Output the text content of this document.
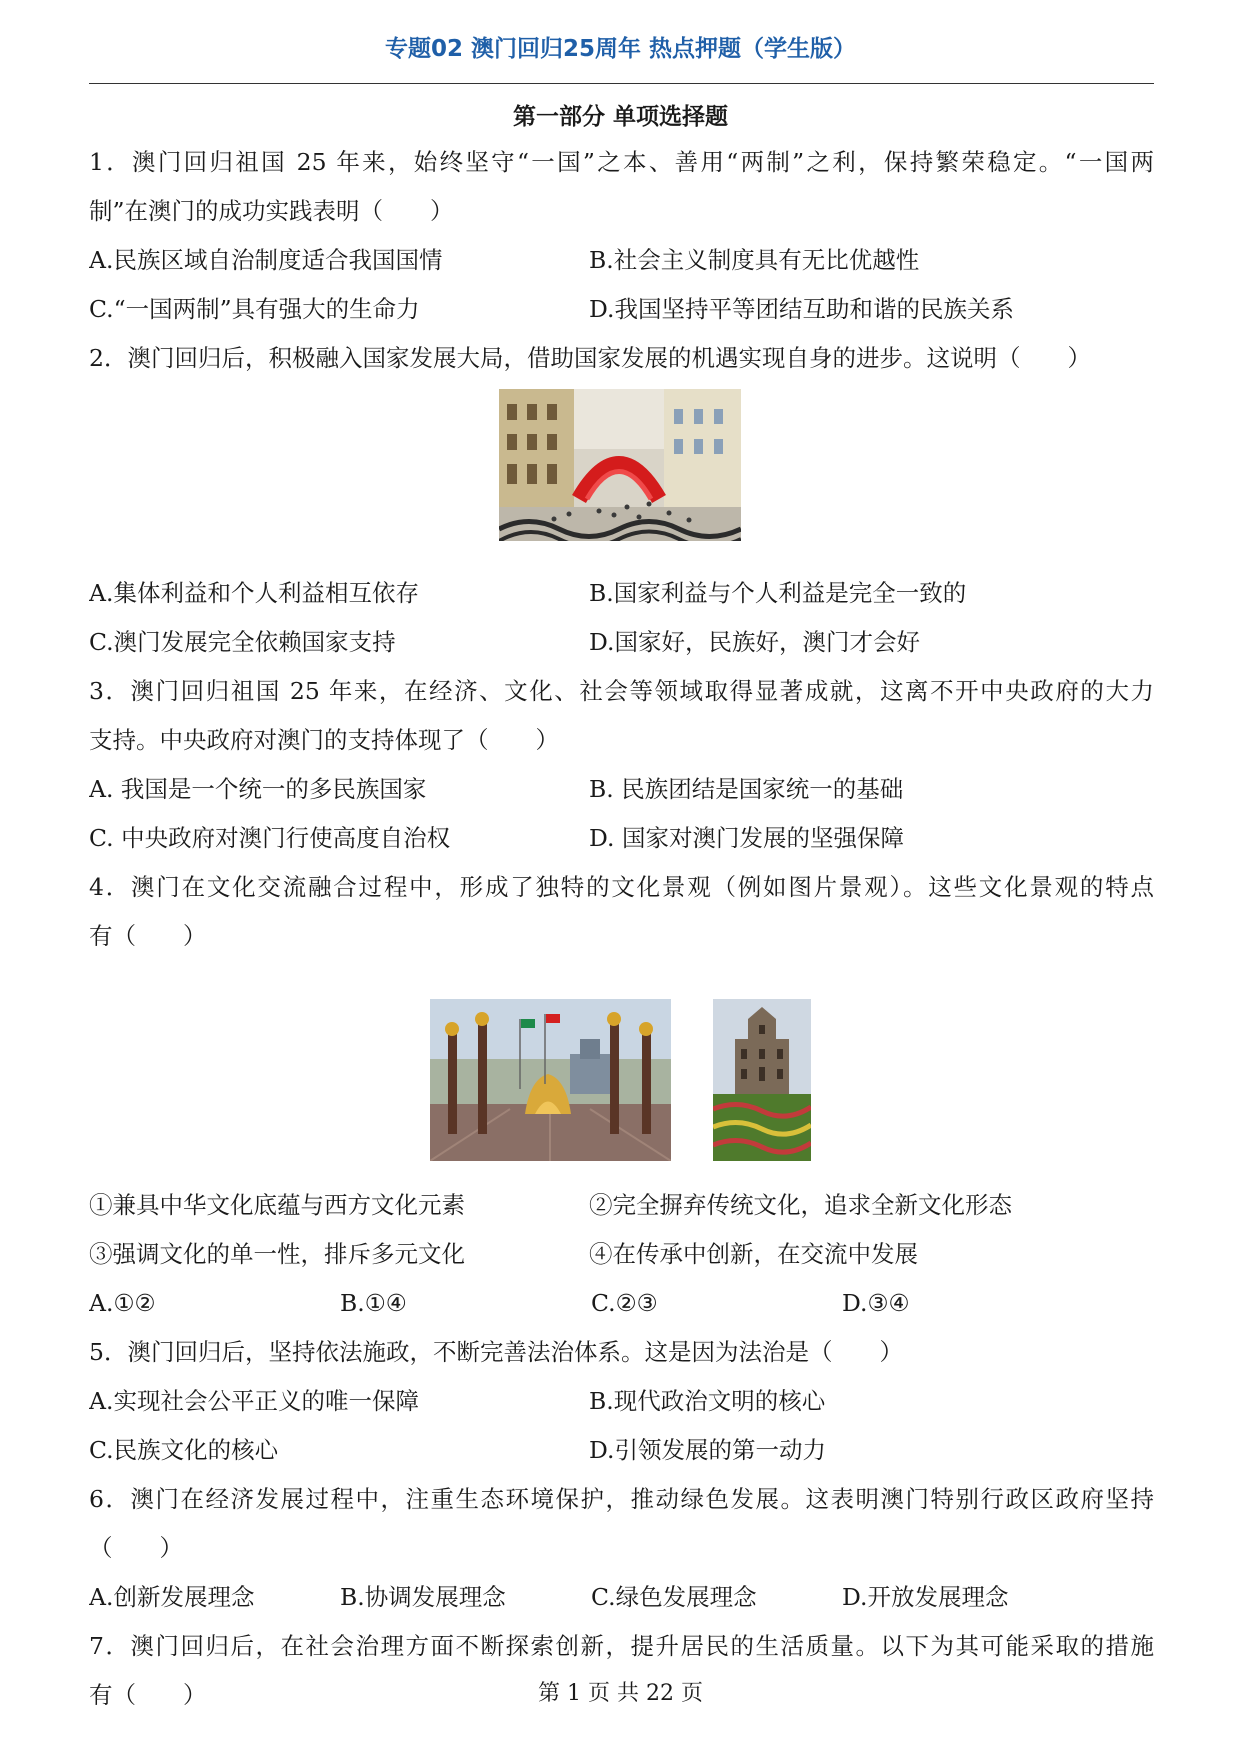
专题02 澳门回归25周年 热点押题（学生版）
第一部分 单项选择题
1．澳门回归祖国 25 年来，始终坚守“一国”之本、善用“两制”之利，保持繁荣稳定。“一国两
制”在澳门的成功实践表明（　　）
A.民族区域自治制度适合我国国情	B.社会主义制度具有无比优越性
C.“一国两制”具有强大的生命力	D.我国坚持平等团结互助和谐的民族关系
2．澳门回归后，积极融入国家发展大局，借助国家发展的机遇实现自身的进步。这说明（　　）
A.集体利益和个人利益相互依存	B.国家利益与个人利益是完全一致的
C.澳门发展完全依赖国家支持	D.国家好，民族好，澳门才会好
3．澳门回归祖国 25 年来，在经济、文化、社会等领域取得显著成就，这离不开中央政府的大力
支持。中央政府对澳门的支持体现了（　　）
A. 我国是一个统一的多民族国家	B. 民族团结是国家统一的基础
C. 中央政府对澳门行使高度自治权	D. 国家对澳门发展的坚强保障
4．澳门在文化交流融合过程中，形成了独特的文化景观（例如图片景观）。这些文化景观的特点
有（　　）
①兼具中华文化底蕴与西方文化元素	②完全摒弃传统文化，追求全新文化形态
③强调文化的单一性，排斥多元文化	④在传承中创新，在交流中发展
A.①②	B.①④	C.②③	D.③④
5．澳门回归后，坚持依法施政，不断完善法治体系。这是因为法治是（　　）
A.实现社会公平正义的唯一保障	B.现代政治文明的核心
C.民族文化的核心	D.引领发展的第一动力
6．澳门在经济发展过程中，注重生态环境保护，推动绿色发展。这表明澳门特别行政区政府坚持
（　　）
A.创新发展理念	B.协调发展理念	C.绿色发展理念	D.开放发展理念
7．澳门回归后，在社会治理方面不断探索创新，提升居民的生活质量。以下为其可能采取的措施
有（　　）	第 1 页 共 22 页
